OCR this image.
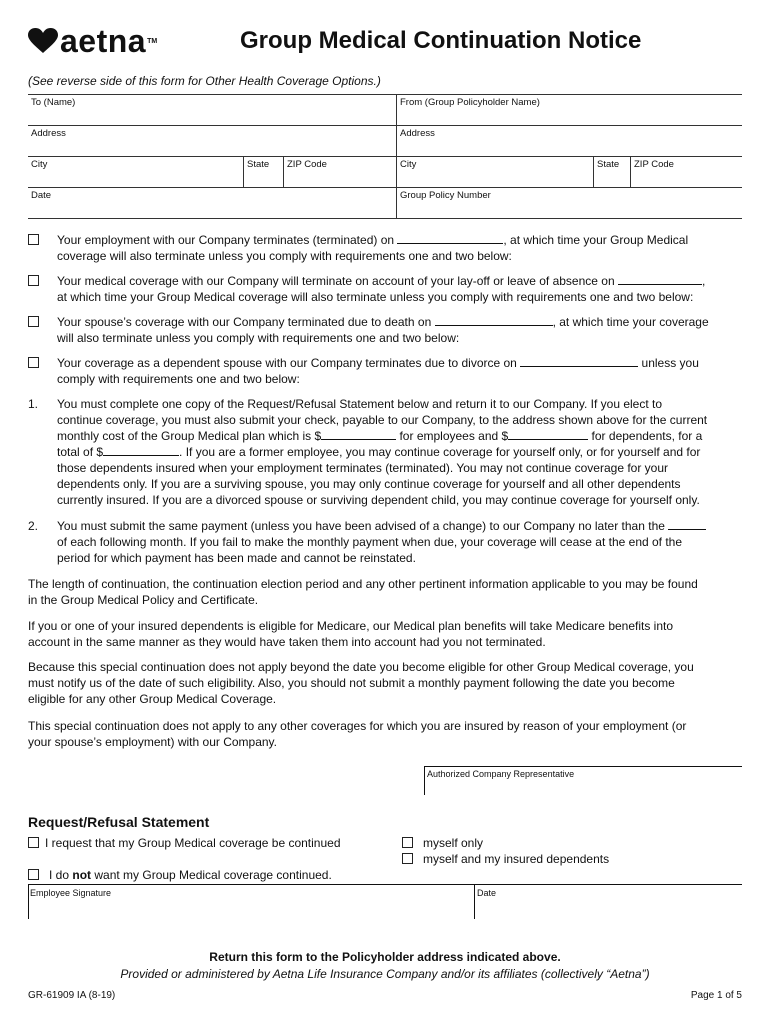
aetna TM	Group Medical Continuation Notice
(See reverse side of this form for Other Health Coverage Options.)
To (Name)	From (Group Policyholder Name)
Address	Address
City	State	ZIP Code	City	State	ZIP Code
Date	Group Policy Number
Your employment with our Company terminates (terminated) on	, at which time your Group Medical
coverage will also terminate unless you comply with requirements one and two below:
Your medical coverage with our Company will terminate on account of your lay-off or leave of absence on	,
at which time your Group Medical coverage will also terminate unless you comply with requirements one and two below:
Your spouse’s coverage with our Company terminated due to death on	, at which time your coverage
will also terminate unless you comply with requirements one and two below:
Your coverage as a dependent spouse with our Company terminates due to divorce on	unless you
comply with requirements one and two below:
1. You must complete one copy of the Request/Refusal Statement below and return it to our Company. If you elect to
continue coverage, you must also submit your check, payable to our Company, to the address shown above for the current
monthly cost of the Group Medical plan which is $	for employees and $	for dependents, for a
total of $	. If you are a former employee, you may continue coverage for yourself only, or for yourself and for
those dependents insured when your employment terminates (terminated). You may not continue coverage for your
dependents only. If you are a surviving spouse, you may only continue coverage for yourself and all other dependents
currently insured. If you are a divorced spouse or surviving dependent child, you may continue coverage for yourself only.
2. You must submit the same payment (unless you have been advised of a change) to our Company no later than the
of each following month. If you fail to make the monthly payment when due, your coverage will cease at the end of the
period for which payment has been made and cannot be reinstated.
The length of continuation, the continuation election period and any other pertinent information applicable to you may be found
in the Group Medical Policy and Certificate.
If you or one of your insured dependents is eligible for Medicare, our Medical plan benefits will take Medicare benefits into
account in the same manner as they would have taken them into account had you not terminated.
Because this special continuation does not apply beyond the date you become eligible for other Group Medical coverage, you
must notify us of the date of such eligibility. Also, you should not submit a monthly payment following the date you become
eligible for any other Group Medical Coverage.
This special continuation does not apply to any other coverages for which you are insured by reason of your employment (or
your spouse’s employment) with our Company.
Authorized Company Representative
Request/Refusal Statement
I request that my Group Medical coverage be continued	myself only
myself and my insured dependents
I do not want my Group Medical coverage continued.
Employee Signature	Date
Return this form to the Policyholder address indicated above.
Provided or administered by Aetna Life Insurance Company and/or its affiliates (collectively “Aetna”)
GR-61909 IA (8-19)	Page 1 of 5
